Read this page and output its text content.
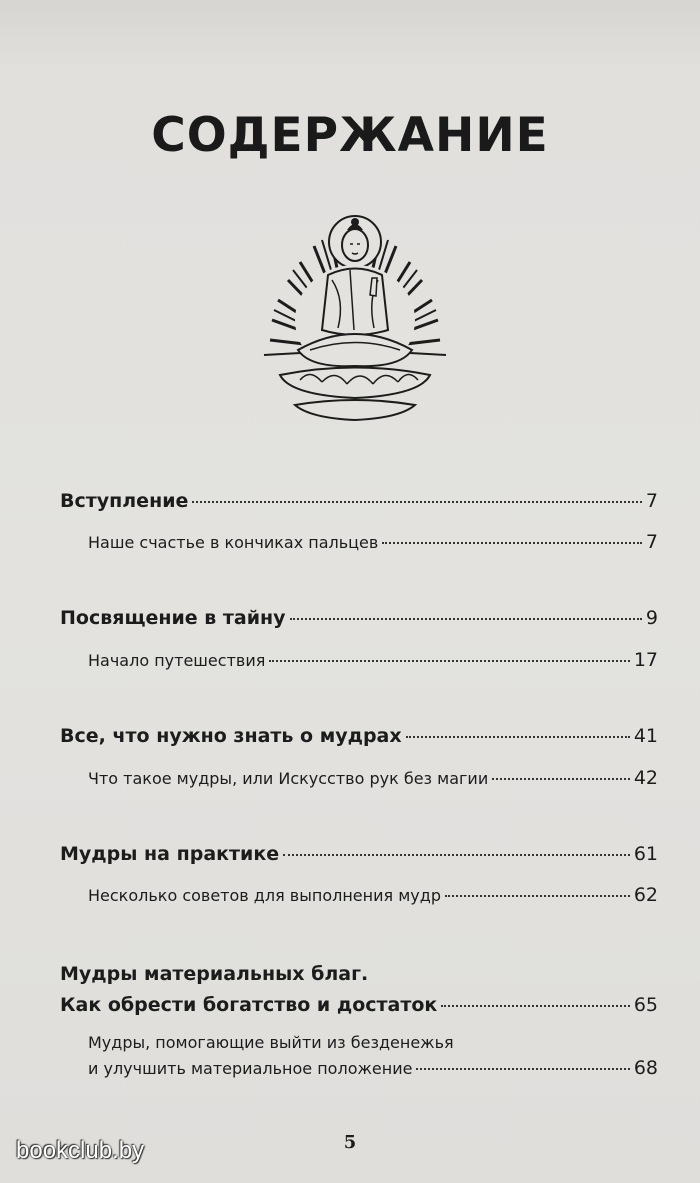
СОДЕРЖАНИЕ
Вступление	7
Наше счастье в кончиках пальцев	7
Посвящение в тайну	9
Начало путешествия	17
Все, что нужно знать о мудрах	41
Что такое мудры, или Искусство рук без магии	42
Мудры на практике	61
Несколько советов для выполнения мудр	62
Мудры материальных благ.
Как обрести богатство и достаток	65
Мудры, помогающие выйти из безденежья
и улучшить материальное положение	68
5
bookclub.by
